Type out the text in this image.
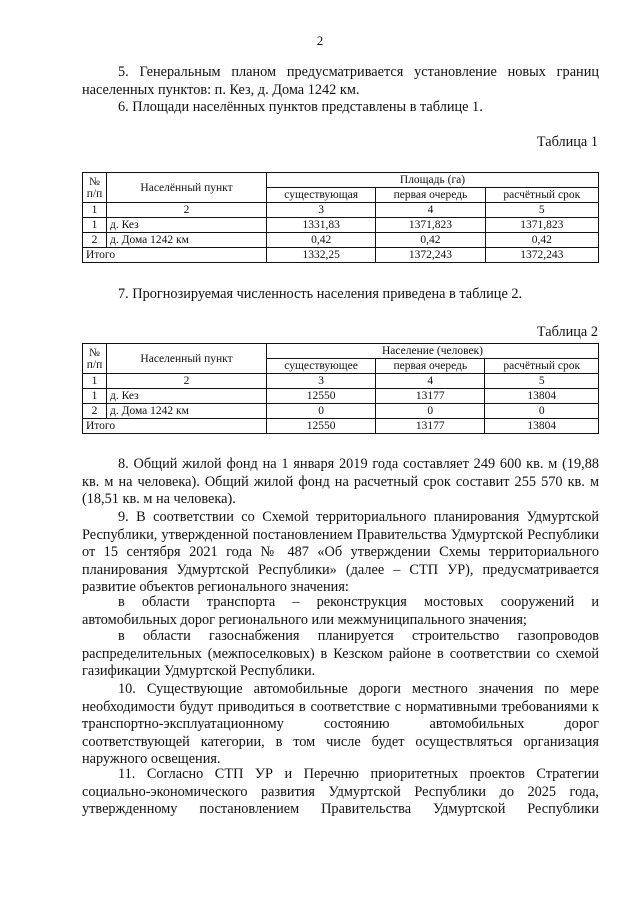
2
5. Генеральным планом предусматривается установление новых границ населенных пунктов: п. Кез, д. Дома 1242 км.
6. Площади населённых пунктов представлены в таблице 1.
Таблица 1
№ п/п	Населённый пункт	Площадь (га)		
		существующая	первая очередь	расчётный срок
1	2	3	4	5
1	д. Кез	1331,83	1371,823	1371,823
2	д. Дома 1242 км	0,42	0,42	0,42
Итого		1332,25	1372,243	1372,243
7. Прогнозируемая численность населения приведена в таблице 2.
Таблица 2
№ п/п	Населенный пункт	Население (человек)		
		существующее	первая очередь	расчётный срок
1	2	3	4	5
1	д. Кез	12550	13177	13804
2	д. Дома 1242 км	0	0	0
Итого		12550	13177	13804
8. Общий жилой фонд на 1 января 2019 года составляет 249 600 кв. м (19,88 кв. м на человека). Общий жилой фонд на расчетный срок составит 255 570 кв. м (18,51 кв. м на человека).
9. В соответствии со Схемой территориального планирования Удмуртской Республики, утвержденной постановлением Правительства Удмуртской Республики от 15 сентября 2021 года № 487 «Об утверждении Схемы территориального планирования Удмуртской Республики» (далее – СТП УР), предусматривается развитие объектов регионального значения:
в области транспорта – реконструкция мостовых сооружений и автомобильных дорог регионального или межмуниципального значения;
в области газоснабжения планируется строительство газопроводов распределительных (межпоселковых) в Кезском районе в соответствии со схемой газификации Удмуртской Республики.
10. Существующие автомобильные дороги местного значения по мере необходимости будут приводиться в соответствие с нормативными требованиями к транспортно-эксплуатационному состоянию автомобильных дорог соответствующей категории, в том числе будет осуществляться организация наружного освещения.
11. Согласно СТП УР и Перечню приоритетных проектов Стратегии социально-экономического развития Удмуртской Республики до 2025 года, утвержденному постановлением Правительства Удмуртской Республики
